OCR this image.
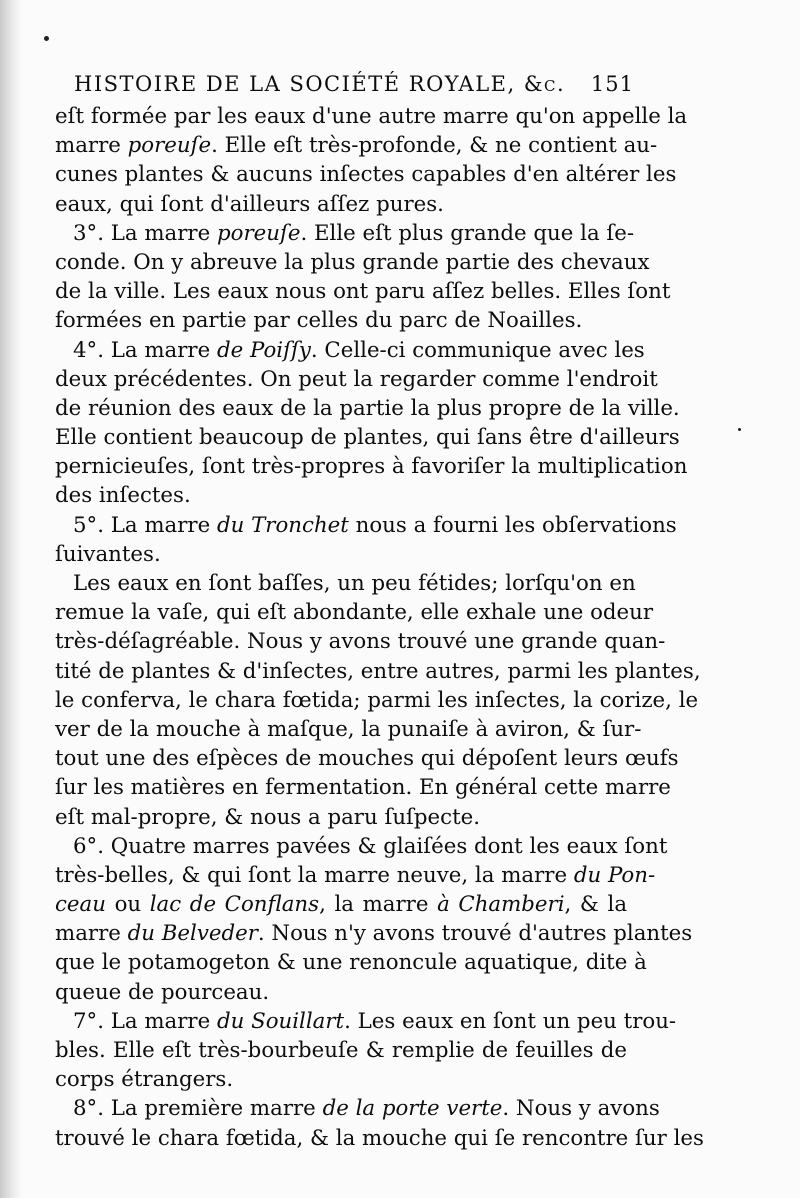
HISTOIRE DE LA SOCIÉTÉ ROYALE, &c. 151
eſt formée par les eaux d'une autre marre qu'on appelle la
marre poreuſe. Elle eſt très-profonde, & ne contient au-
cunes plantes & aucuns inſectes capables d'en altérer les
eaux, qui ſont d'ailleurs aſſez pures.
3°. La marre poreuſe. Elle eſt plus grande que la ſe-
conde. On y abreuve la plus grande partie des chevaux
de la ville. Les eaux nous ont paru aſſez belles. Elles ſont
formées en partie par celles du parc de Noailles.
4°. La marre de Poiſſy. Celle-ci communique avec les
deux précédentes. On peut la regarder comme l'endroit
de réunion des eaux de la partie la plus propre de la ville.
Elle contient beaucoup de plantes, qui ſans être d'ailleurs
pernicieuſes, ſont très-propres à favoriſer la multiplication
des inſectes.
5°. La marre du Tronchet nous a fourni les obſervations
ſuivantes.
Les eaux en ſont baſſes, un peu fétides; lorſqu'on en
remue la vaſe, qui eſt abondante, elle exhale une odeur
très-déſagréable. Nous y avons trouvé une grande quan-
tité de plantes & d'inſectes, entre autres, parmi les plantes,
le conferva, le chara fœtida; parmi les inſectes, la corize, le
ver de la mouche à maſque, la punaiſe à aviron, & ſur-
tout une des eſpèces de mouches qui dépoſent leurs œufs
ſur les matières en fermentation. En général cette marre
eſt mal-propre, & nous a paru ſuſpecte.
6°. Quatre marres pavées & glaiſées dont les eaux ſont
très-belles, & qui ſont la marre neuve, la marre du Pon-
ceau ou lac de Conflans, la marre à Chamberi, & la
marre du Belveder. Nous n'y avons trouvé d'autres plantes
que le potamogeton & une renoncule aquatique, dite à
queue de pourceau.
7°. La marre du Souillart. Les eaux en ſont un peu trou-
bles. Elle eſt très-bourbeuſe & remplie de feuilles de
corps étrangers.
8°. La première marre de la porte verte. Nous y avons
trouvé le chara fœtida, & la mouche qui ſe rencontre ſur les
